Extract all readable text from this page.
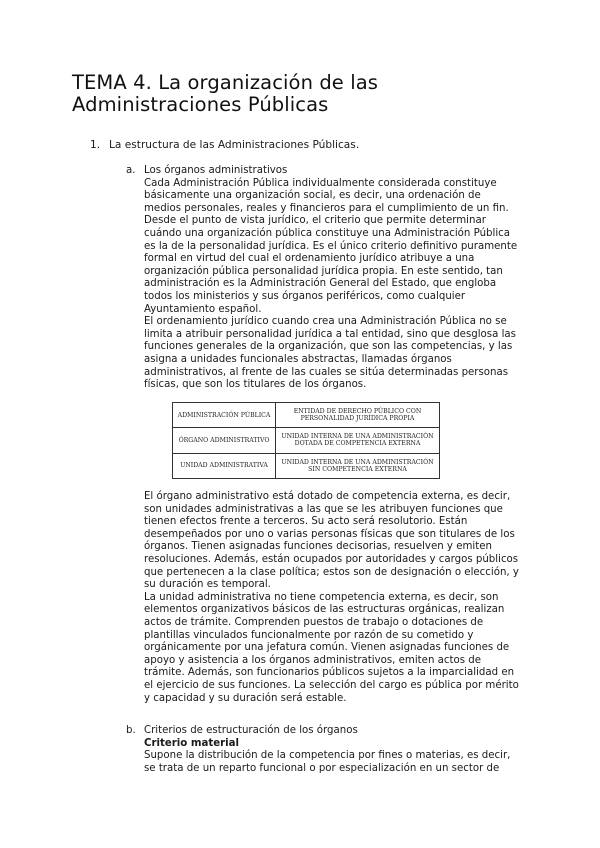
TEMA 4. La organización de las Administraciones Públicas
1. La estructura de las Administraciones Públicas.
a. Los órganos administrativos

Cada Administración Pública individualmente considerada constituye básicamente una organización social, es decir, una ordenación de medios personales, reales y financieros para el cumplimiento de un fin. Desde el punto de vista jurídico, el criterio que permite determinar cuándo una organización pública constituye una Administración Pública es la de la personalidad jurídica. Es el único criterio definitivo puramente formal en virtud del cual el ordenamiento jurídico atribuye a una organización pública personalidad jurídica propia. En este sentido, tan administración es la Administración General del Estado, que engloba todos los ministerios y sus órganos periféricos, como cualquier Ayuntamiento español.

El ordenamiento jurídico cuando crea una Administración Pública no se limita a atribuir personalidad jurídica a tal entidad, sino que desglosa las funciones generales de la organización, que son las competencias, y las asigna a unidades funcionales abstractas, llamadas órganos administrativos, al frente de las cuales se sitúa determinadas personas físicas, que son los titulares de los órganos.

ADMINISTRACIÓN PÚBLICA	ENTIDAD DE DERECHO PÚBLICO CON PERSONALIDAD JURÍDICA PROPIA
ÓRGANO ADMINISTRATIVO	UNIDAD INTERNA DE UNA ADMINISTRACIÓN DOTADA DE COMPETENCIA EXTERNA
UNIDAD ADMINISTRATIVA	UNIDAD INTERNA DE UNA ADMINISTRACIÓN SIN COMPETENCIA EXTERNA

El órgano administrativo está dotado de competencia externa, es decir, son unidades administrativas a las que se les atribuyen funciones que tienen efectos frente a terceros. Su acto será resolutorio. Están desempeñados por uno o varias personas físicas que son titulares de los órganos. Tienen asignadas funciones decisorias, resuelven y emiten resoluciones. Además, están ocupados por autoridades y cargos públicos que pertenecen a la clase política; estos son de designación o elección, y su duración es temporal.

La unidad administrativa no tiene competencia externa, es decir, son elementos organizativos básicos de las estructuras orgánicas, realizan actos de trámite. Comprenden puestos de trabajo o dotaciones de plantillas vinculados funcionalmente por razón de su cometido y orgánicamente por una jefatura común. Vienen asignadas funciones de apoyo y asistencia a los órganos administrativos, emiten actos de trámite. Además, son funcionarios públicos sujetos a la imparcialidad en el ejercicio de sus funciones. La selección del cargo es pública por mérito y capacidad y su duración será estable.

b. Criterios de estructuración de los órganos

Criterio material

Supone la distribución de la competencia por fines o materias, es decir, se trata de un reparto funcional o por especialización en un sector de
